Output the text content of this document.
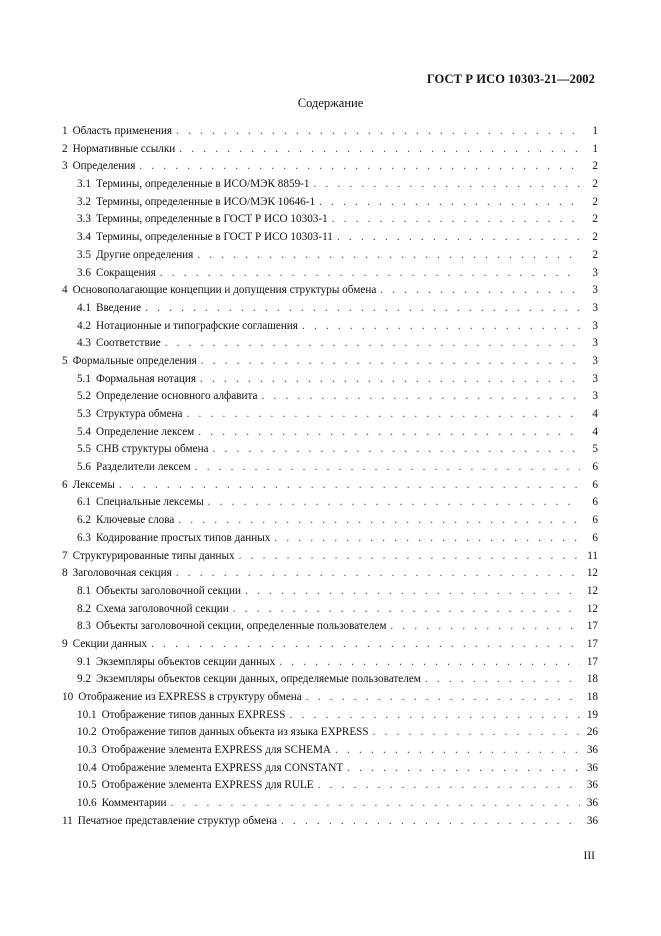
ГОСТ Р ИСО 10303-21—2002
Содержание
1 Область применения . . .	1
2 Нормативные ссылки . . .	1
3 Определения . . .	2
3.1 Термины, определенные в ИСО/МЭК 8859-1 . . .	2
3.2 Термины, определенные в ИСО/МЭК 10646-1 . . .	2
3.3 Термины, определенные в ГОСТ Р ИСО 10303-1 . . .	2
3.4 Термины, определенные в ГОСТ Р ИСО 10303-11 . . .	2
3.5 Другие определения . . .	2
3.6 Сокращения . . .	3
4 Основополагающие концепции и допущения структуры обмена . . .	3
4.1 Введение . . .	3
4.2 Нотационные и типографские соглашения . . .	3
4.3 Соответствие . . .	3
5 Формальные определения . . .	3
5.1 Формальная нотация . . .	3
5.2 Определение основного алфавита . . .	3
5.3 Структура обмена . . .	4
5.4 Определение лексем . . .	4
5.5 СНВ структуры обмена . . .	5
5.6 Разделители лексем . . .	6
6 Лексемы . . .	6
6.1 Специальные лексемы . . .	6
6.2 Ключевые слова . . .	6
6.3 Кодирование простых типов данных . . .	6
7 Структурированные типы данных . . .	11
8 Заголовочная секция . . .	12
8.1 Объекты заголовочной секции . . .	12
8.2 Схема заголовочной секции . . .	12
8.3 Объекты заголовочной секции, определенные пользователем . . .	17
9 Секции данных . . .	17
9.1 Экземпляры объектов секции данных . . .	17
9.2 Экземпляры объектов секции данных, определяемые пользователем . . .	18
10 Отображение из EXPRESS в структуру обмена . . .	18
10.1 Отображение типов данных EXPRESS . . .	19
10.2 Отображение типов данных объекта из языка EXPRESS . . .	26
10.3 Отображение элемента EXPRESS для SCHEMA . . .	36
10.4 Отображение элемента EXPRESS для CONSTANT . . .	36
10.5 Отображение элемента EXPRESS для RULE . . .	36
10.6 Комментарии . . .	36
11 Печатное представление структур обмена . . .	36
III
